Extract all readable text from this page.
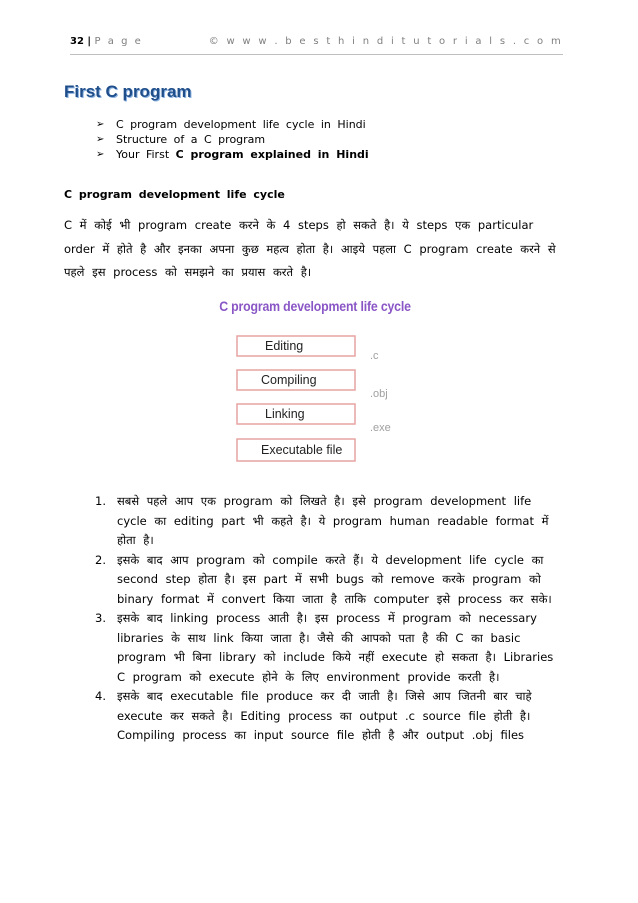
32 | P a g e	© w w w . b e s t h i n d i t u t o r i a l s . c o m
First C program
➢ C program development life cycle in Hindi
➢ Structure of a C program
➢ Your First C program explained in Hindi
C program development life cycle
C में कोई भी program create करने के 4 steps हो सकते है। ये steps एक particular order में होते है और इनका अपना कुछ महत्व होता है। आइये पहला C program create करने से पहले इस process को समझने का प्रयास करते है।
C program development life cycle
Editing
Compiling
Linking
Executable file
.c
.obj
.exe
1. सबसे पहले आप एक program को लिखते है। इसे program development life cycle का editing part भी कहते है। ये program human readable format में होता है।
2. इसके बाद आप program को compile करते हैं। ये development life cycle का second step होता है। इस part में सभी bugs को remove करके program को binary format में convert किया जाता है ताकि computer इसे process कर सके।
3. इसके बाद linking process आती है। इस process में program को necessary libraries के साथ link किया जाता है। जैसे की आपको पता है की C का basic program भी बिना library को include किये नहीं execute हो सकता है। Libraries C program को execute होने के लिए environment provide करती है।
4. इसके बाद executable file produce कर दी जाती है। जिसे आप जितनी बार चाहे execute कर सकते है। Editing process का output .c source file होती है। Compiling process का input source file होती है और output .obj files
